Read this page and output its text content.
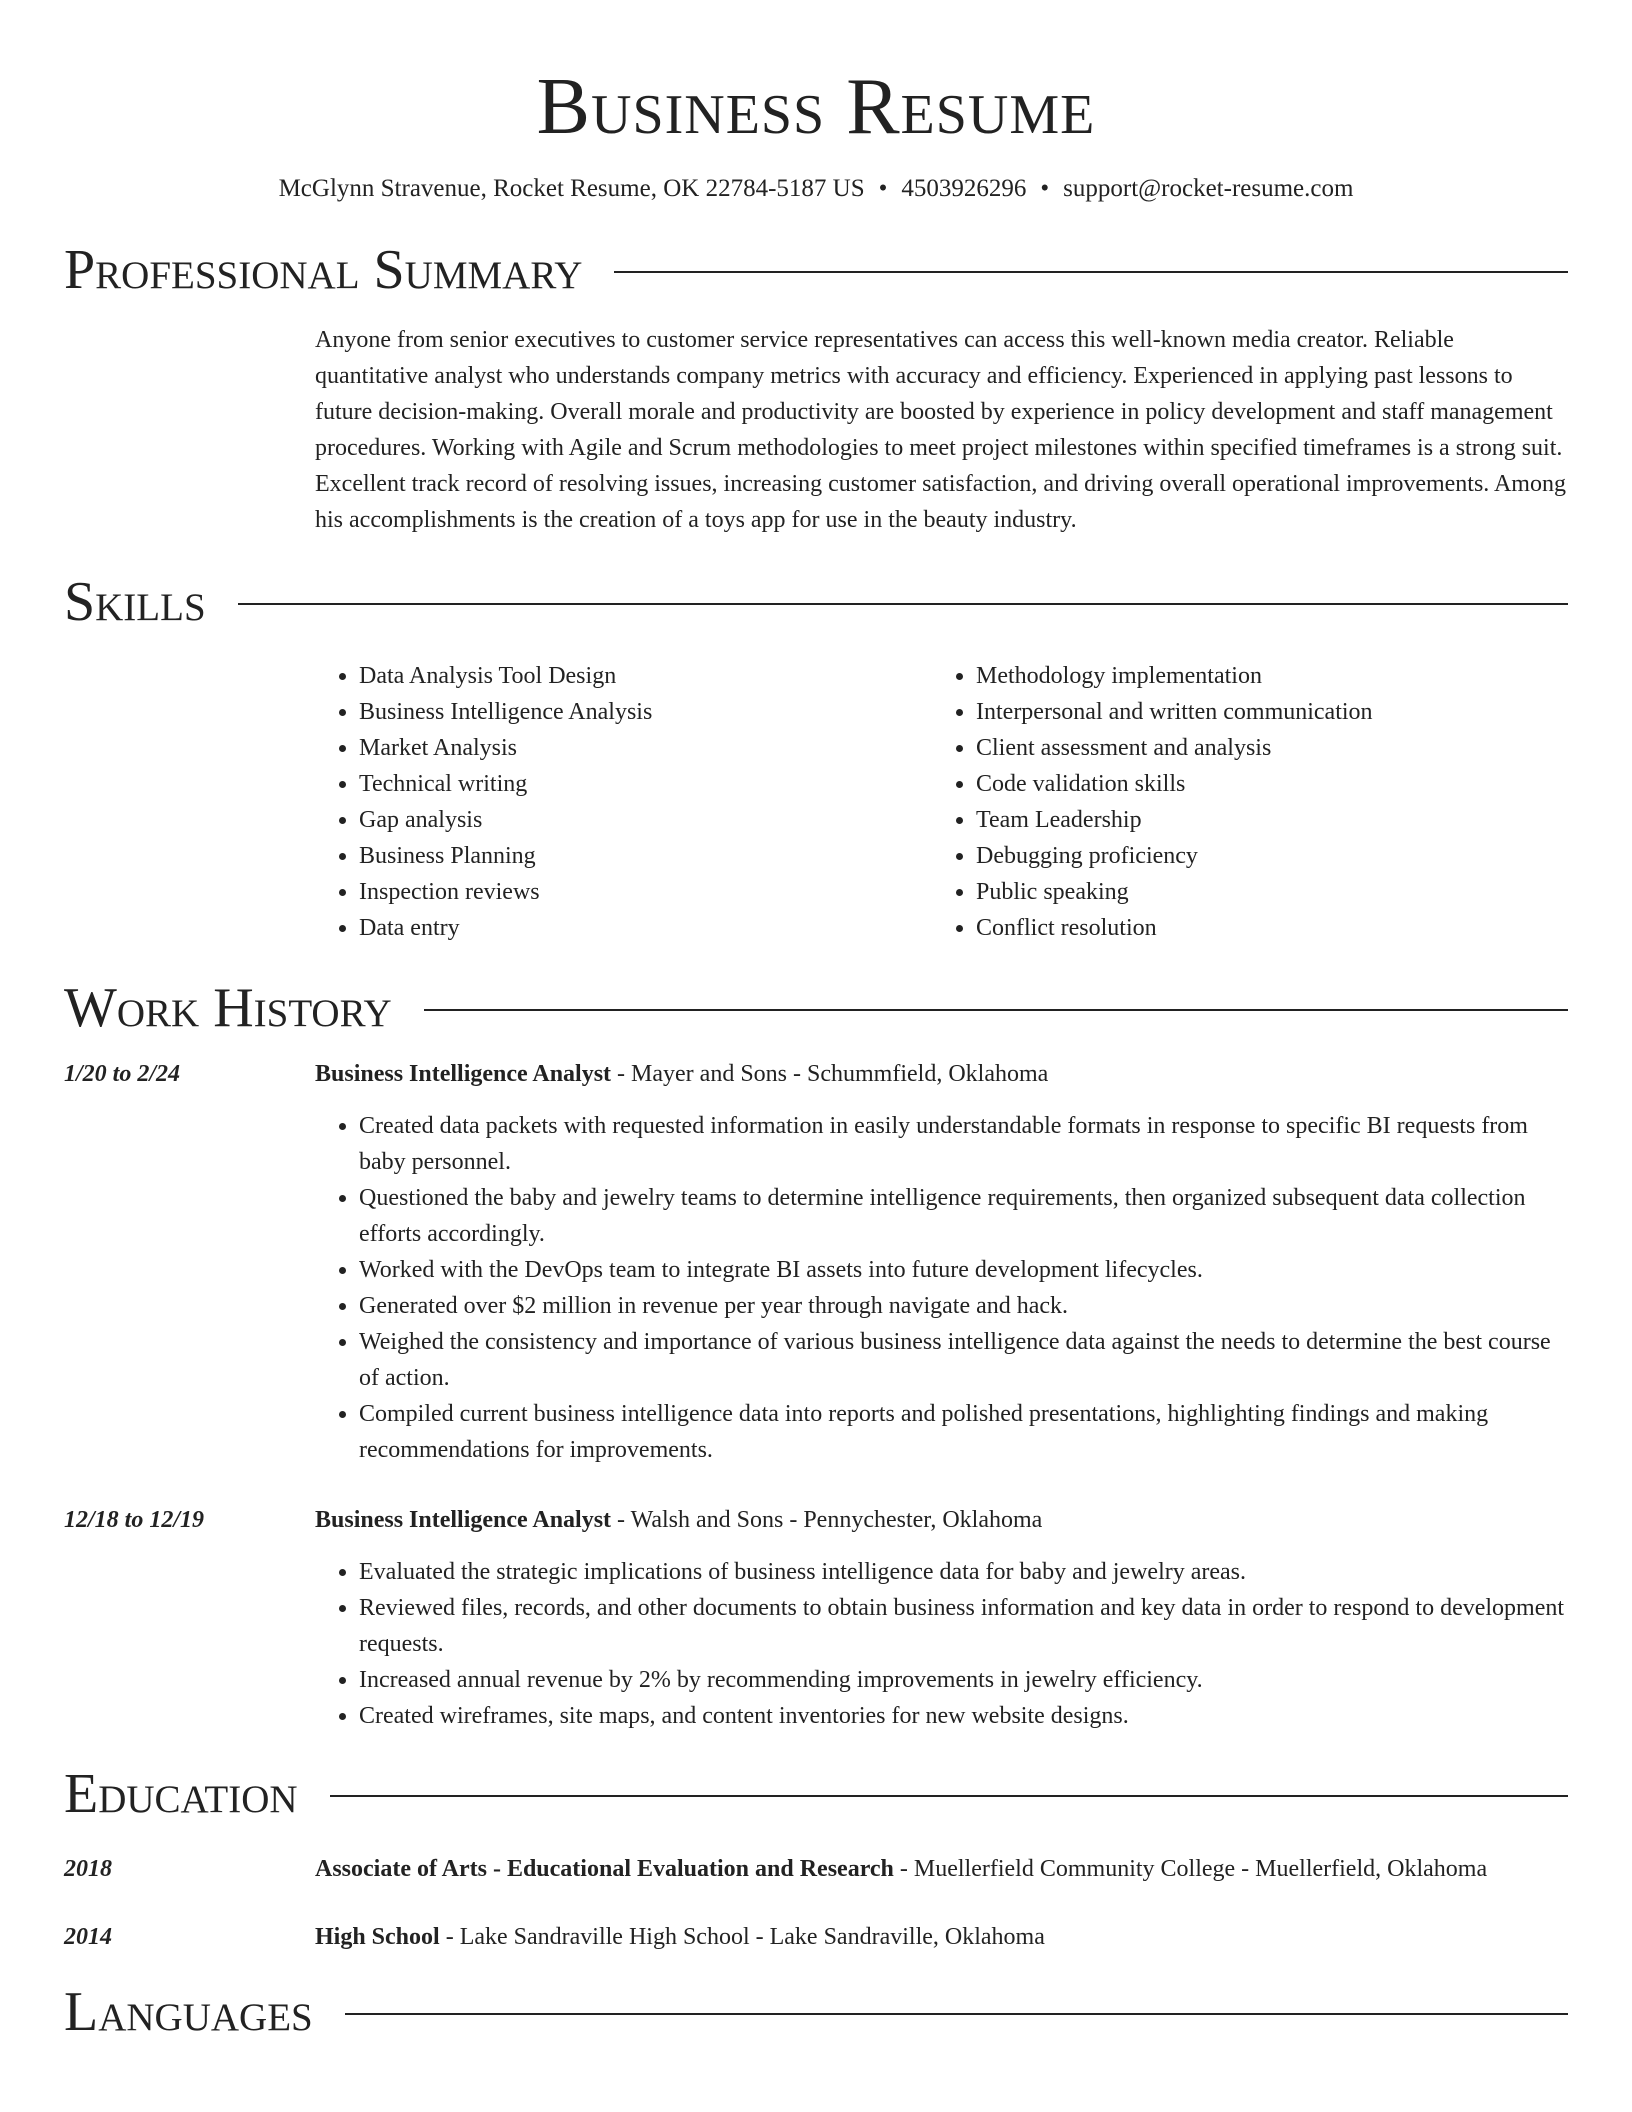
Business Resume
McGlynn Stravenue, Rocket Resume, OK 22784-5187 US • 4503926296 • support@rocket-resume.com
Professional Summary

Anyone from senior executives to customer service representatives can access this well-known media creator. Reliable quantitative analyst who understands company metrics with accuracy and efficiency. Experienced in applying past lessons to future decision-making. Overall morale and productivity are boosted by experience in policy development and staff management procedures. Working with Agile and Scrum methodologies to meet project milestones within specified timeframes is a strong suit. Excellent track record of resolving issues, increasing customer satisfaction, and driving overall operational improvements. Among his accomplishments is the creation of a toys app for use in the beauty industry.

Skills
• Data Analysis Tool Design
• Business Intelligence Analysis
• Market Analysis
• Technical writing
• Gap analysis
• Business Planning
• Inspection reviews
• Data entry
• Methodology implementation
• Interpersonal and written communication
• Client assessment and analysis
• Code validation skills
• Team Leadership
• Debugging proficiency
• Public speaking
• Conflict resolution
Work History
1/20 to 2/24	Business Intelligence Analyst - Mayer and Sons - Schummfield, Oklahoma
• Created data packets with requested information in easily understandable formats in response to specific BI requests from baby personnel.
• Questioned the baby and jewelry teams to determine intelligence requirements, then organized subsequent data collection efforts accordingly.
• Worked with the DevOps team to integrate BI assets into future development lifecycles.
• Generated over $2 million in revenue per year through navigate and hack.
• Weighed the consistency and importance of various business intelligence data against the needs to determine the best course of action.
• Compiled current business intelligence data into reports and polished presentations, highlighting findings and making recommendations for improvements.
12/18 to 12/19	Business Intelligence Analyst - Walsh and Sons - Pennychester, Oklahoma
• Evaluated the strategic implications of business intelligence data for baby and jewelry areas.
• Reviewed files, records, and other documents to obtain business information and key data in order to respond to development requests.
• Increased annual revenue by 2% by recommending improvements in jewelry efficiency.
• Created wireframes, site maps, and content inventories for new website designs.
Education
2018	Associate of Arts - Educational Evaluation and Research - Muellerfield Community College - Muellerfield, Oklahoma
2014	High School - Lake Sandraville High School - Lake Sandraville, Oklahoma
Languages
